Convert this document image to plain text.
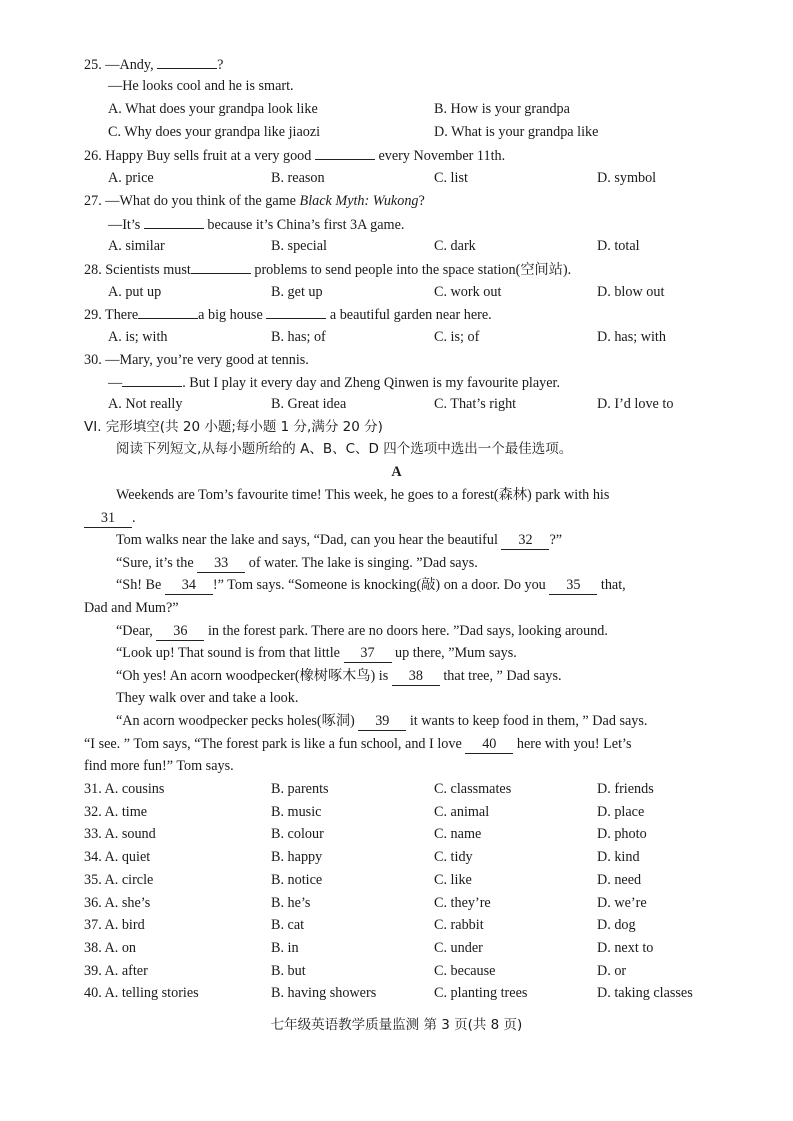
25. —Andy,	?
—He looks cool and he is smart.
A. What does your grandpa look like	B. How is your grandpa
C. Why does your grandpa like jiaozi	D. What is your grandpa like
26. Happy Buy sells fruit at a very good	every November 11th.
A. price	B. reason	C. list	D. symbol
27. —What do you think of the game Black Myth: Wukong?
—It’s	because it’s China’s first 3A game.
A. similar	B. special	C. dark	D. total
28. Scientists must	problems to send people into the space station(空间站).
A. put up	B. get up	C. work out	D. blow out
29. There	a big house	a beautiful garden near here.
A. is; with	B. has; of	C. is; of	D. has; with
30. —Mary, you’re very good at tennis.
—	. But I play it every day and Zheng Qinwen is my favourite player.
A. Not really	B. Great idea	C. That’s right	D. I’d love to
VI. 完形填空(共 20 小题;每小题 1 分,满分 20 分)
阅读下列短文,从每小题所给的 A、B、C、D 四个选项中选出一个最佳选项。
A
Weekends are Tom’s favourite time! This week, he goes to a forest(森林) park with his
31 .
Tom walks near the lake and says, “Dad, can you hear the beautiful 32 ?”
“Sure, it’s the 33 of water. The lake is singing. ”Dad says.
“Sh! Be 34 !” Tom says. “Someone is knocking(敲) on a door. Do you 35 that,
Dad and Mum?”
“Dear, 36 in the forest park. There are no doors here. ”Dad says, looking around.
“Look up! That sound is from that little 37 up there, ”Mum says.
“Oh yes! An acorn woodpecker(橡树啄木鸟) is 38 that tree, ” Dad says.
They walk over and take a look.
“An acorn woodpecker pecks holes(啄洞) 39 it wants to keep food in them, ” Dad says.
“I see. ” Tom says, “The forest park is like a fun school, and I love 40 here with you! Let’s
find more fun!” Tom says.
31. A. cousins	B. parents	C. classmates	D. friends
32. A. time	B. music	C. animal	D. place
33. A. sound	B. colour	C. name	D. photo
34. A. quiet	B. happy	C. tidy	D. kind
35. A. circle	B. notice	C. like	D. need
36. A. she’s	B. he’s	C. they’re	D. we’re
37. A. bird	B. cat	C. rabbit	D. dog
38. A. on	B. in	C. under	D. next to
39. A. after	B. but	C. because	D. or
40. A. telling stories	B. having showers	C. planting trees	D. taking classes
七年级英语教学质量监测 第 3 页(共 8 页)
